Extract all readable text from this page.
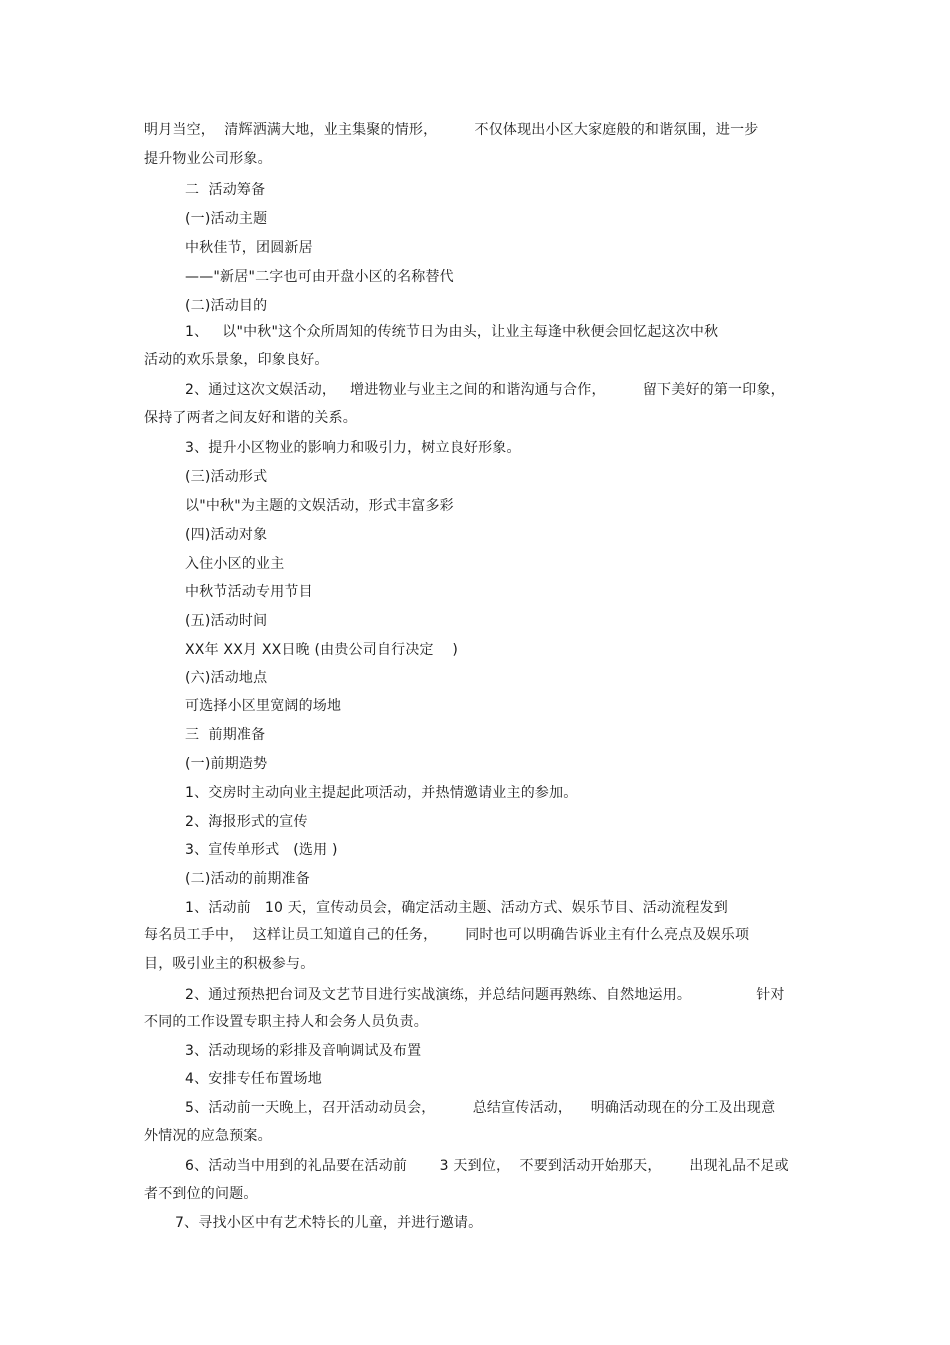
明月当空，  清辉洒满大地，业主集聚的情形，        不仅体现出小区大家庭般的和谐氛围，进一步
提升物业公司形象。
二  活动筹备
(一)活动主题
中秋佳节，团圆新居
——"新居"二字也可由开盘小区的名称替代
(二)活动目的
1、   以"中秋"这个众所周知的传统节日为由头，让业主每逢中秋便会回忆起这次中秋
活动的欢乐景象，印象良好。
2、通过这次文娱活动，   增进物业与业主之间的和谐沟通与合作，        留下美好的第一印象，
保持了两者之间友好和谐的关系。
3、提升小区物业的影响力和吸引力，树立良好形象。
(三)活动形式
以"中秋"为主题的文娱活动，形式丰富多彩
(四)活动对象
入住小区的业主
中秋节活动专用节目
(五)活动时间
XX年 XX月 XX日晚 (由贵公司自行决定    )
(六)活动地点
可选择小区里宽阔的场地
三  前期准备
(一)前期造势
1、交房时主动向业主提起此项活动，并热情邀请业主的参加。
2、海报形式的宣传
3、宣传单形式   (选用 )
(二)活动的前期准备
1、活动前   10 天，宣传动员会，确定活动主题、活动方式、娱乐节目、活动流程发到
每名员工手中，  这样让员工知道自己的任务，      同时也可以明确告诉业主有什么亮点及娱乐项
目，吸引业主的积极参与。
2、通过预热把台词及文艺节目进行实战演练，并总结问题再熟练、自然地运用。              针对
不同的工作设置专职主持人和会务人员负责。
3、活动现场的彩排及音响调试及布置
4、安排专任布置场地
5、活动前一天晚上，召开活动动员会，        总结宣传活动，    明确活动现在的分工及出现意
外情况的应急预案。
6、活动当中用到的礼品要在活动前       3 天到位，  不要到活动开始那天，      出现礼品不足或
者不到位的问题。
7、寻找小区中有艺术特长的儿童，并进行邀请。
